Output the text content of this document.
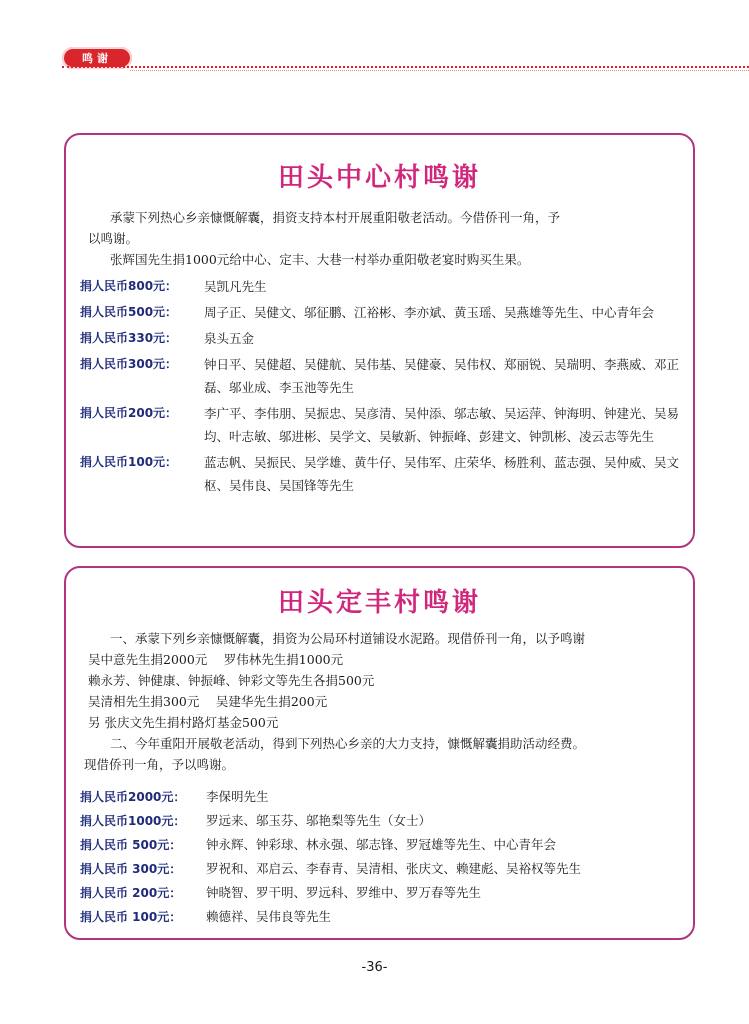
鸣谢
田头中心村鸣谢

承蒙下列热心乡亲慷慨解囊，捐资支持本村开展重阳敬老活动。今借侨刊一角，予

以鸣谢。

张辉国先生捐1000元给中心、定丰、大巷一村举办重阳敬老宴时购买生果。

捐人民币800元：	吴凯凡先生
捐人民币500元：	周子正、吴健文、邬征鹏、江裕彬、李亦斌、黄玉瑶、吴燕雄等先生、中心青年会
捐人民币330元：	泉头五金
捐人民币300元：	钟日平、吴健超、吴健航、吴伟基、吴健豪、吴伟权、郑丽锐、吴瑞明、李燕威、邓正磊、邬业成、李玉池等先生
捐人民币200元：	李广平、李伟朋、吴振忠、吴彦清、吴仲添、邬志敏、吴运萍、钟海明、钟建光、吴易均、叶志敏、邬进彬、吴学文、吴敏新、钟振峰、彭建文、钟凯彬、凌云志等先生
捐人民币100元：	蓝志帆、吴振民、吴学雄、黄牛仔、吴伟军、庄荣华、杨胜利、蓝志强、吴仲威、吴文枢、吴伟良、吴国锋等先生
田头定丰村鸣谢

一、承蒙下列乡亲慷慨解囊，捐资为公局环村道铺设水泥路。现借侨刊一角，以予鸣谢

吴中意先生捐2000元　 罗伟林先生捐1000元

赖永芳、钟健康、钟振峰、钟彩文等先生各捐500元

吴清相先生捐300元　 吴建华先生捐200元

另 张庆文先生捐村路灯基金500元

二、今年重阳开展敬老活动，得到下列热心乡亲的大力支持，慷慨解囊捐助活动经费。

现借侨刊一角，予以鸣谢。

捐人民币2000元：	李保明先生
捐人民币1000元：	罗远来、邬玉芬、邬艳梨等先生（女士）
捐人民币 500元：	钟永辉、钟彩球、林永强、邬志锋、罗冠雄等先生、中心青年会
捐人民币 300元：	罗祝和、邓启云、李春青、吴清相、张庆文、赖建彪、吴裕权等先生
捐人民币 200元：	钟晓智、罗干明、罗远科、罗维中、罗万春等先生
捐人民币 100元：	赖德祥、吴伟良等先生
-36-
